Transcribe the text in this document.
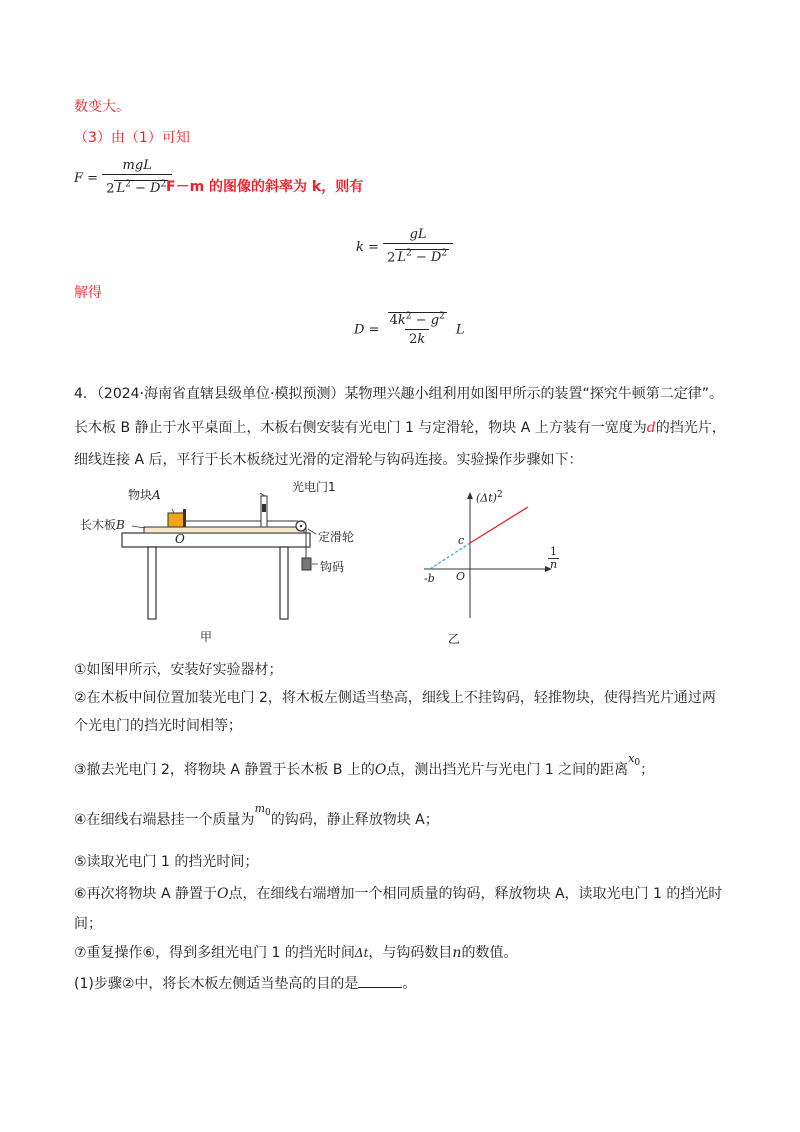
数变大。
（3）由（1）可知
$F = \frac{\text{mgL}}{2 L^2 - D^2}$
F－m 的图像的斜率为 k，则有
$k = \frac{gL}{2 L^2 - D^2}$
解得
$D = \frac{4k^2 - g^2}{2k}$ L
4．（2024·海南省直辖县级单位·模拟预测）某物理兴趣小组利用如图甲所示的装置“探究牛顿第二定律”。
长木板 B 静止于水平桌面上，木板右侧安装有光电门 1 与定滑轮，物块 A 上方装有一宽度为d的挡光片，
细线连接 A 后，平行于长木板绕过光滑的定滑轮与钩码连接。实验操作步骤如下：
物块A
长木板B
光电门1
O	定滑轮
钩码
甲
$(\Delta t)^2$
1
n
c
-b O
乙
①如图甲所示，安装好实验器材；
②在木板中间位置加装光电门 2，将木板左侧适当垫高，细线上不挂钩码，轻推物块，使得挡光片通过两
个光电门的挡光时间相等；
③撤去光电门 2，将物块 A 静置于长木板 B 上的O点，测出挡光片与光电门 1 之间的距离$^{x_0}$；
④在细线右端悬挂一个质量为$^{m_0}$的钩码，静止释放物块 A；
⑤读取光电门 1 的挡光时间；
⑥再次将物块 A 静置于O点，在细线右端增加一个相同质量的钩码，释放物块 A，读取光电门 1 的挡光时
间；
⑦重复操作⑥，得到多组光电门 1 的挡光时间Δt，与钩码数目n的数值。
(1)步骤②中，将长木板左侧适当垫高的目的是	。
